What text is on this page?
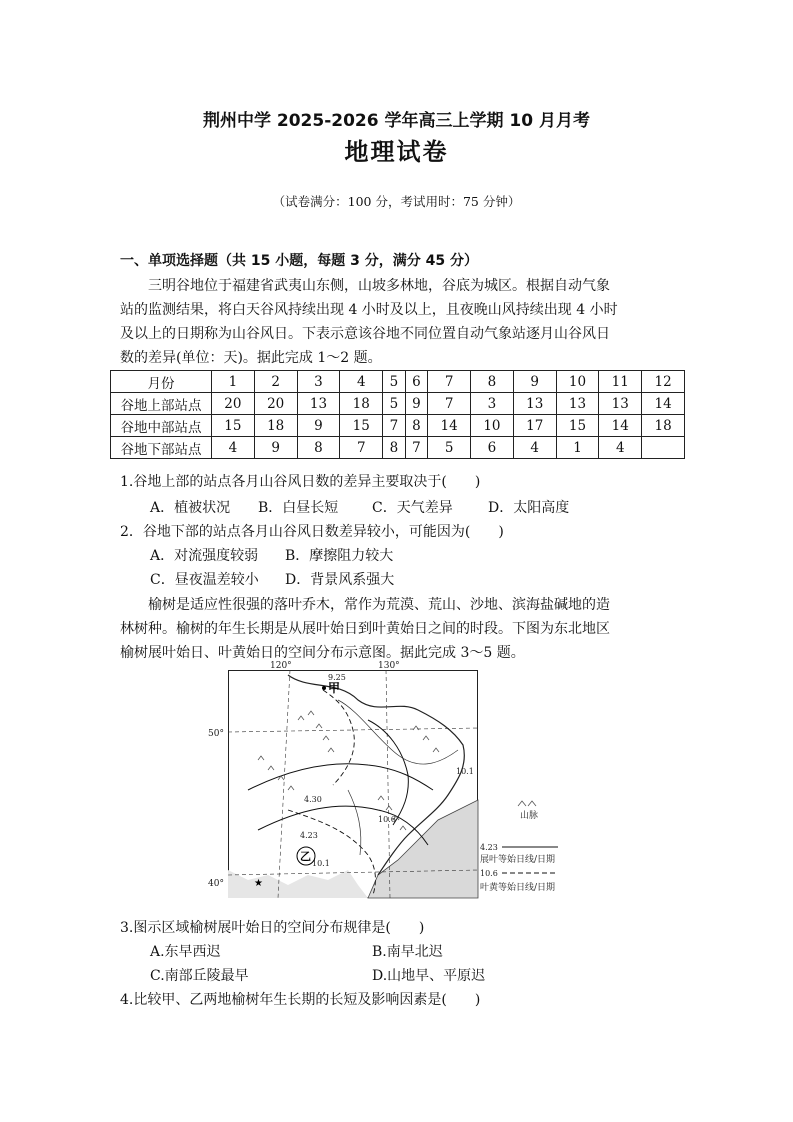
荆州中学 2025-2026 学年高三上学期 10 月月考
地理试卷
（试卷满分：100 分，考试用时：75 分钟）
一、单项选择题（共 15 小题，每题 3 分，满分 45 分）
三明谷地位于福建省武夷山东侧，山坡多林地，谷底为城区。根据自动气象
站的监测结果，将白天谷风持续出现 4 小时及以上，且夜晚山风持续出现 4 小时
及以上的日期称为山谷风日。下表示意该谷地不同位置自动气象站逐月山谷风日
数的差异(单位：天)。据此完成 1～2 题。
月份	1	2	3	4	5	6	7	8	9	10	11	12
谷地上部站点	20	20	13	18	5	9	7	3	13	13	13	14
谷地中部站点	15	18	9	15	7	8	14	10	17	15	14	18
谷地下部站点	4	9	8	7	8	7	5	6	4	1	4	
1.谷地上部的站点各月山谷风日数的差异主要取决于(　　)
A．植被状况 B．白昼长短 C．天气差异	D．太阳高度
2．谷地下部的站点各月山谷风日数差异较小，可能因为(　　)
A．对流强度较弱 B．摩擦阻力较大
C．昼夜温差较小 D．背景风系强大
榆树是适应性很强的落叶乔木，常作为荒漠、荒山、沙地、滨海盐碱地的造
林树种。榆树的年生长期是从展叶始日到叶黄始日之间的时段。下图为东北地区
榆树展叶始日、叶黄始日的空间分布示意图。据此完成 3～5 题。
120°	130°
50°
40°
甲
乙
9.25
10.1
4.30
10.1
4.23
10.6
★
山脉
4.23
展叶等始日线/日期
10.6
叶黄等始日线/日期
3.图示区域榆树展叶始日的空间分布规律是(　　)
A.东早西迟	B.南早北迟
C.南部丘陵最早	D.山地早、平原迟
4.比较甲、乙两地榆树年生长期的长短及影响因素是(　　)
